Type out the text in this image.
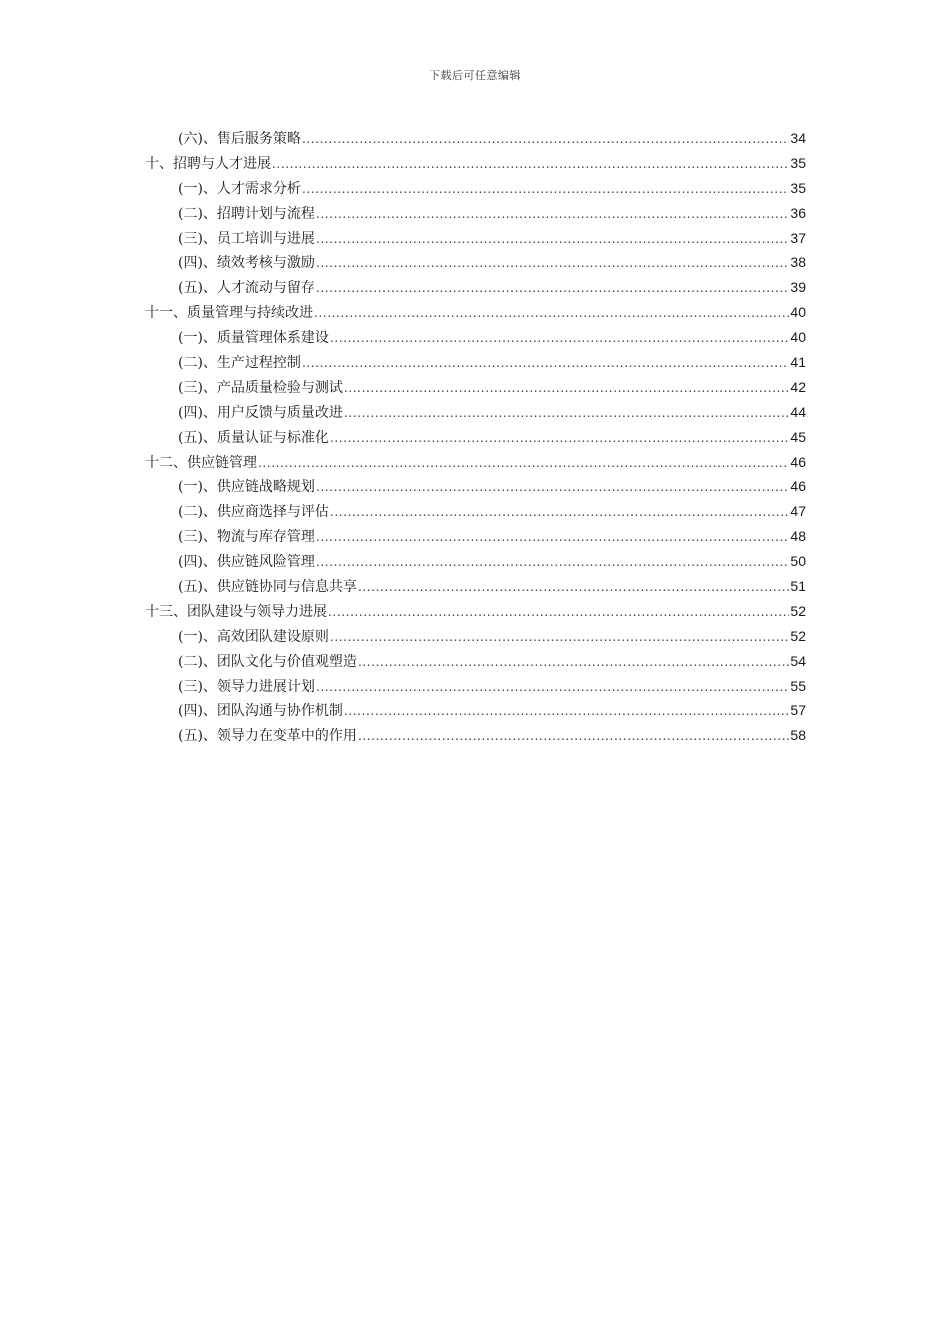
下载后可任意编辑
(六)、售后服务策略 .....	34
十、招聘与人才进展 .....	35
(一)、人才需求分析 .....	35
(二)、招聘计划与流程 .....	36
(三)、员工培训与进展 .....	37
(四)、绩效考核与激励 .....	38
(五)、人才流动与留存 .....	39
十一、质量管理与持续改进 .....	40
(一)、质量管理体系建设 .....	40
(二)、生产过程控制 .....	41
(三)、产品质量检验与测试 .....	42
(四)、用户反馈与质量改进 .....	44
(五)、质量认证与标准化 .....	45
十二、供应链管理 .....	46
(一)、供应链战略规划 .....	46
(二)、供应商选择与评估 .....	47
(三)、物流与库存管理 .....	48
(四)、供应链风险管理 .....	50
(五)、供应链协同与信息共享 .....	51
十三、团队建设与领导力进展 .....	52
(一)、高效团队建设原则 .....	52
(二)、团队文化与价值观塑造 .....	54
(三)、领导力进展计划 .....	55
(四)、团队沟通与协作机制 .....	57
(五)、领导力在变革中的作用 .....	58
